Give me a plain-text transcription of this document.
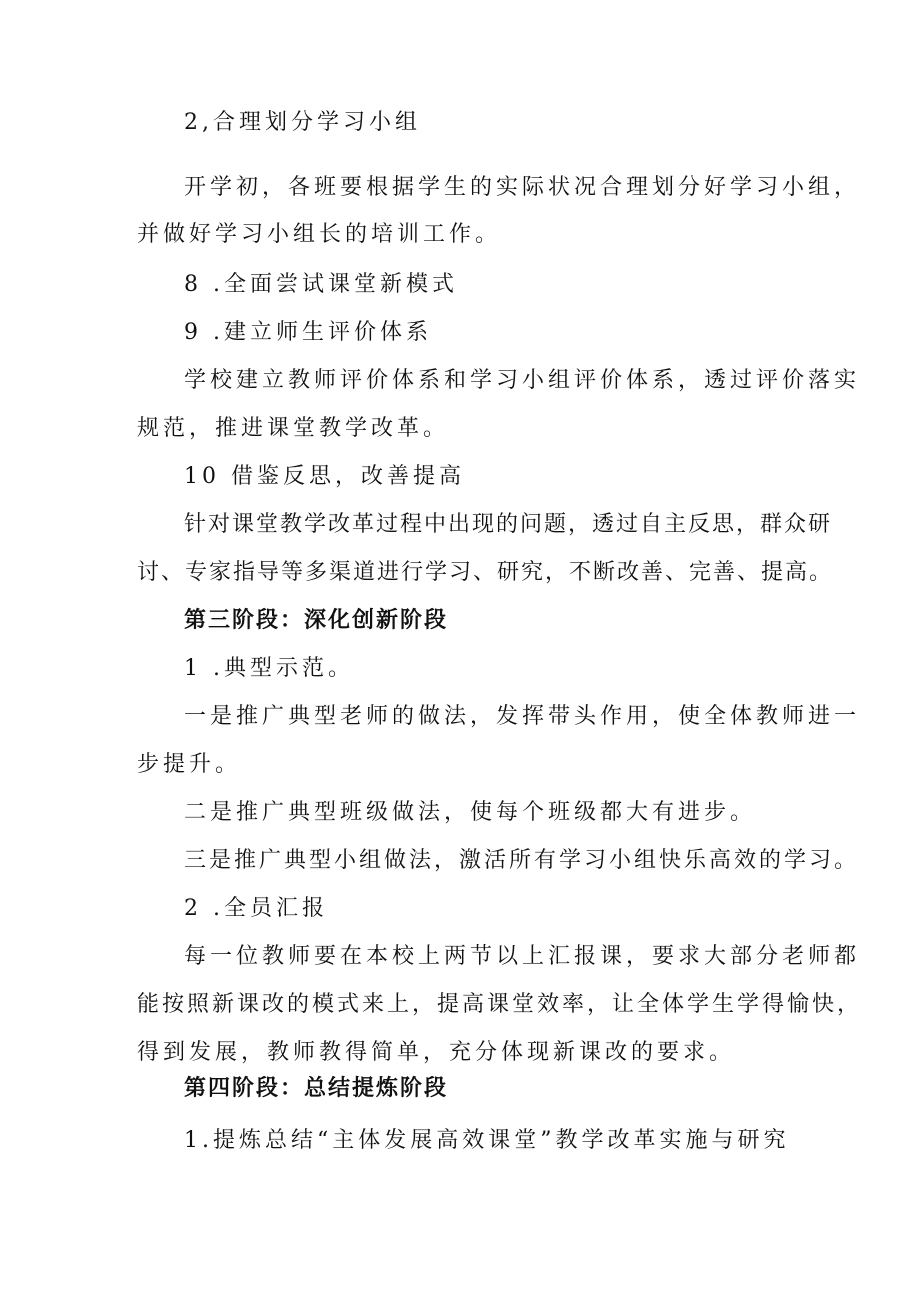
2,合理划分学习小组
开学初，各班要根据学生的实际状况合理划分好学习小组，
并做好学习小组长的培训工作。
8 .全面尝试课堂新模式
9 .建立师生评价体系
学校建立教师评价体系和学习小组评价体系，透过评价落实
规范，推进课堂教学改革。
10 借鉴反思，改善提高
针对课堂教学改革过程中出现的问题，透过自主反思，群众研
讨、专家指导等多渠道进行学习、研究，不断改善、完善、提高。
第三阶段：深化创新阶段
1 .典型示范。
一是推广典型老师的做法，发挥带头作用，使全体教师进一
步提升。
二是推广典型班级做法，使每个班级都大有进步。
三是推广典型小组做法，激活所有学习小组快乐高效的学习。
2 .全员汇报
每一位教师要在本校上两节以上汇报课，要求大部分老师都
能按照新课改的模式来上，提高课堂效率，让全体学生学得愉快，
得到发展，教师教得简单，充分体现新课改的要求。
第四阶段：总结提炼阶段
1.提炼总结“主体发展高效课堂”教学改革实施与研究
